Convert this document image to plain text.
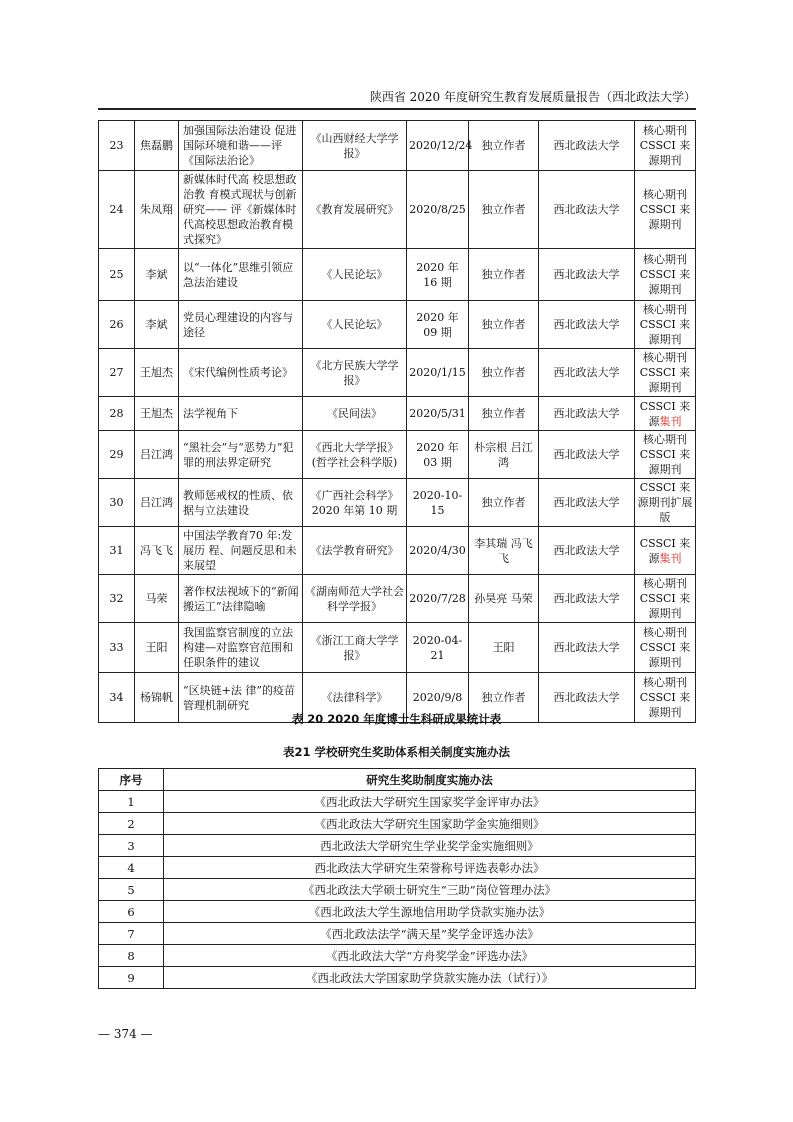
陕西省 2020 年度研究生教育发展质量报告（西北政法大学）
23	焦磊鹏	加强国际法治建设 促进国际环境和谐——评《国际法治论》	《山西财经大学学报》	2020/12/24	独立作者	西北政法大学	核心期刊CSSCI 来源期刊
24	朱凤翔	新媒体时代高 校思想政治教 育模式现状与创新研究—— 评《新媒体时代高校思想政治教育模式探究》	《教育发展研究》	2020/8/25	独立作者	西北政法大学	核心期刊CSSCI 来源期刊
25	李斌	以“一体化”思维引领应急法治建设	《人民论坛》	2020 年 16 期	独立作者	西北政法大学	核心期刊CSSCI 来源期刊
26	李斌	党员心理建设的内容与途径	《人民论坛》	2020 年 09 期	独立作者	西北政法大学	核心期刊CSSCI 来源期刊
27	王旭杰	《宋代编例性质考论》	《北方民族大学学报》	2020/1/15	独立作者	西北政法大学	核心期刊CSSCI 来源期刊
28	王旭杰	法学视角下	《民间法》	2020/5/31	独立作者	西北政法大学	CSSCI 来源集刊
29	吕江鸿	“黑社会”与“恶势力”犯罪的刑法界定研究	《西北大学学报》(哲学社会科学版)	2020 年 03 期	朴宗根 吕江鸿	西北政法大学	核心期刊CSSCI 来源期刊
30	吕江鸿	教师惩戒权的性质、依据与立法建设	《广西社会科学》2020 年第 10 期	2020-10-15	独立作者	西北政法大学	CSSCI 来源期刊扩展版
31	冯飞飞	中国法学教育70 年:发展历 程、问题反思和未来展望	《法学教育研究》	2020/4/30	李其瑞 冯飞飞	西北政法大学	CSSCI 来源集刊
32	马荣	著作权法视域下的“新闻搬运工”法律隐喻	《湖南师范大学社会科学学报》	2020/7/28	孙昊亮 马荣	西北政法大学	核心期刊CSSCI 来源期刊
33	王阳	我国监察官制度的立法构建—对监察官范围和任职条件的建议	《浙江工商大学学报》	2020-04-21	王阳	西北政法大学	核心期刊CSSCI 来源期刊
34	杨锦帆	“区块链+法 律”的疫苗管理机制研究	《法律科学》	2020/9/8	独立作者	西北政法大学	核心期刊CSSCI 来源期刊
表 20 2020 年度博士生科研成果统计表
表21 学校研究生奖助体系相关制度实施办法
序号	研究生奖助制度实施办法
1	《西北政法大学研究生国家奖学金评审办法》
2	《西北政法大学研究生国家助学金实施细则》
3	西北政法大学研究生学业奖学金实施细则》
4	西北政法大学研究生荣誉称号评选表彰办法》
5	《西北政法大学硕士研究生“三助”岗位管理办法》
6	《西北政法大学生源地信用助学贷款实施办法》
7	《西北政法法学“满天星”奖学金评选办法》
8	《西北政法大学“方舟奖学金”评选办法》
9	《西北政法大学国家助学贷款实施办法（试行）》
— 374 —
